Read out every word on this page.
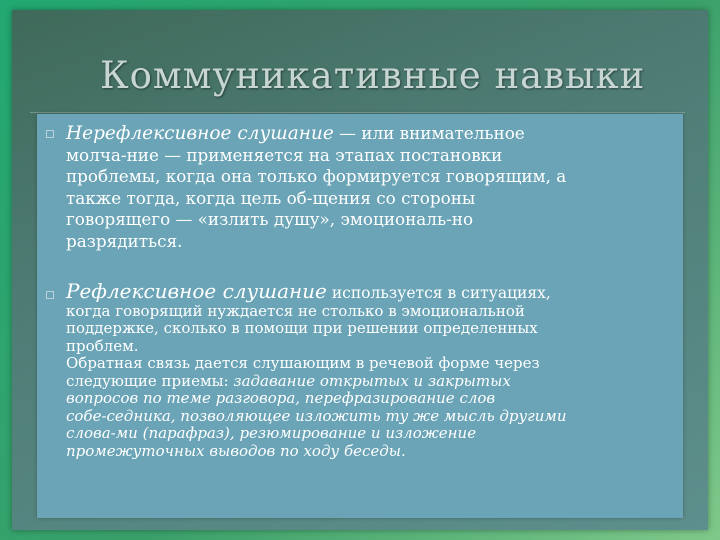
Коммуникативные навыки
Нерефлексивное слушание — или внимательное
молча-ние — применяется на этапах постановки
проблемы, когда она только формируется говорящим, а
также тогда, когда цель об-щения со стороны
говорящего — «излить душу», эмоциональ-но
разрядиться.
Рефлексивное слушание используется в ситуациях,
когда говорящий нуждается не столько в эмоциональной
поддержке, сколько в помощи при решении определенных
проблем.
Обратная связь дается слушающим в речевой форме через
следующие приемы: задавание открытых и закрытых
вопросов по теме разговора, перефразирование слов
собе-седника, позволяющее изложить ту же мысль другими
слова-ми (парафраз), резюмирование и изложение
промежуточных выводов по ходу беседы.
